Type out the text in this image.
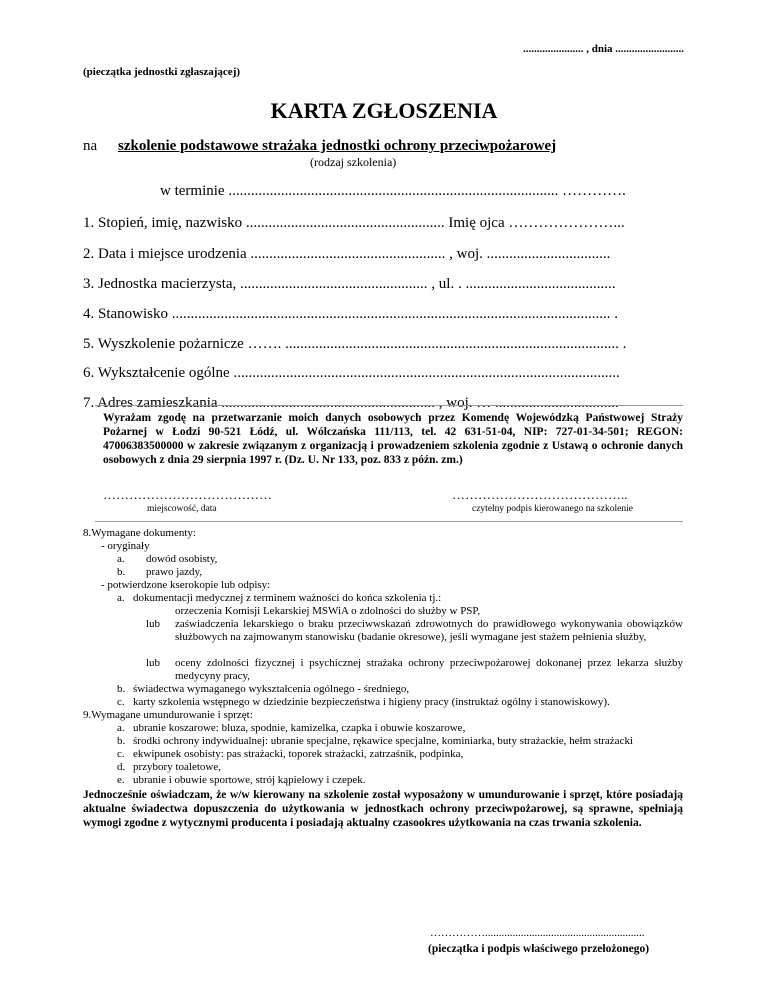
...................... , dnia .........................
(pieczątka jednostki zgłaszającej)
KARTA ZGŁOSZENIA
na szkolenie podstawowe strażaka jednostki ochrony przeciwpożarowej
(rodzaj szkolenia)
w terminie ........................................................................................ ………….
1. Stopień, imię, nazwisko ..................................................... Imię ojca …………………...
2. Data i miejsce urodzenia .................................................... , woj. .................................
3. Jednostka macierzysta, .................................................. , ul. . ........................................
4. Stanowisko ..................................................................................................................... .
5. Wyszkolenie pożarnicze ……. ......................................................................................... .
6. Wykształcenie ogólne .......................................................................................................
7. Adres zamieszkania ......................................................... , woj. … .................................
Wyrażam zgodę na przetwarzanie moich danych osobowych przez Komendę Wojewódzką Państwowej Straży Pożarnej w Łodzi 90-521 Łódź, ul. Wólczańska 111/113, tel. 42 631-51-04, NIP: 727-01-34-501; REGON: 47006383500000 w zakresie związanym z organizacją i prowadzeniem szkolenia zgodnie z Ustawą o ochronie danych osobowych z dnia 29 sierpnia 1997 r. (Dz. U. Nr 133, poz. 833 z późn. zm.)
…………………………………
miejscowość, data
…………………………………..
czytelny podpis kierowanego na szkolenie
8.Wymagane dokumenty:
- oryginały
a. dowód osobisty,
b. prawo jazdy,
- potwierdzone kserokopie lub odpisy:
a. dokumentacji medycznej z terminem ważności do końca szkolenia tj.:
orzeczenia Komisji Lekarskiej MSWiA o zdolności do służby w PSP,
lub zaświadczenia lekarskiego o braku przeciwwskazań zdrowotnych do prawidłowego wykonywania obowiązków służbowych na zajmowanym stanowisku (badanie okresowe), jeśli wymagane jest stażem pełnienia służby,
lub oceny zdolności fizycznej i psychicznej strażaka ochrony przeciwpożarowej dokonanej przez lekarza służby medycyny pracy,
b. świadectwa wymaganego wykształcenia ogólnego - średniego,
c. karty szkolenia wstępnego w dziedzinie bezpieczeństwa i higieny pracy (instruktaż ogólny i stanowiskowy).
9.Wymagane umundurowanie i sprzęt:
a. ubranie koszarowe: bluza, spodnie, kamizelka, czapka i obuwie koszarowe,
b. środki ochrony indywidualnej: ubranie specjalne, rękawice specjalne, kominiarka, buty strażackie, hełm strażacki
c. ekwipunek osobisty: pas strażacki, toporek strażacki, zatrzaśnik, podpinka,
d. przybory toaletowe,
e. ubranie i obuwie sportowe, strój kąpielowy i czepek.
Jednocześnie oświadczam, że w/w kierowany na szkolenie został wyposażony w umundurowanie i sprzęt, które posiadają aktualne świadectwa dopuszczenia do użytkowania w jednostkach ochrony przeciwpożarowej, są sprawne, spełniają wymogi zgodne z wytycznymi producenta i posiadają aktualny czasookres użytkowania na czas trwania szkolenia.
……………..........................................................
(pieczątka i podpis właściwego przełożonego)
